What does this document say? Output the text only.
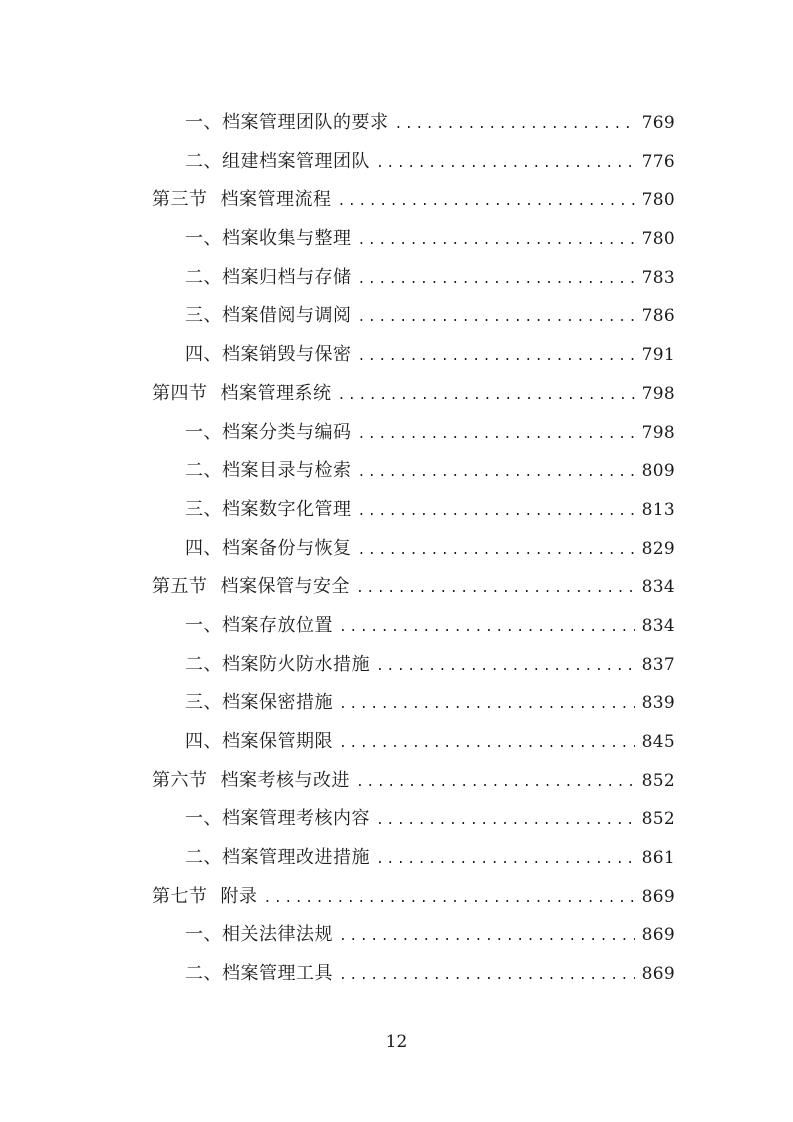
一、档案管理团队的要求 .....	769
二、组建档案管理团队 .....	776
第三节 档案管理流程 .....	780
一、档案收集与整理 .....	780
二、档案归档与存储 .....	783
三、档案借阅与调阅 .....	786
四、档案销毁与保密 .....	791
第四节 档案管理系统 .....	798
一、档案分类与编码 .....	798
二、档案目录与检索 .....	809
三、档案数字化管理 .....	813
四、档案备份与恢复 .....	829
第五节 档案保管与安全 .....	834
一、档案存放位置 .....	834
二、档案防火防水措施 .....	837
三、档案保密措施 .....	839
四、档案保管期限 .....	845
第六节 档案考核与改进 .....	852
一、档案管理考核内容 .....	852
二、档案管理改进措施 .....	861
第七节 附录 .....	869
一、相关法律法规 .....	869
二、档案管理工具 .....	869
12
